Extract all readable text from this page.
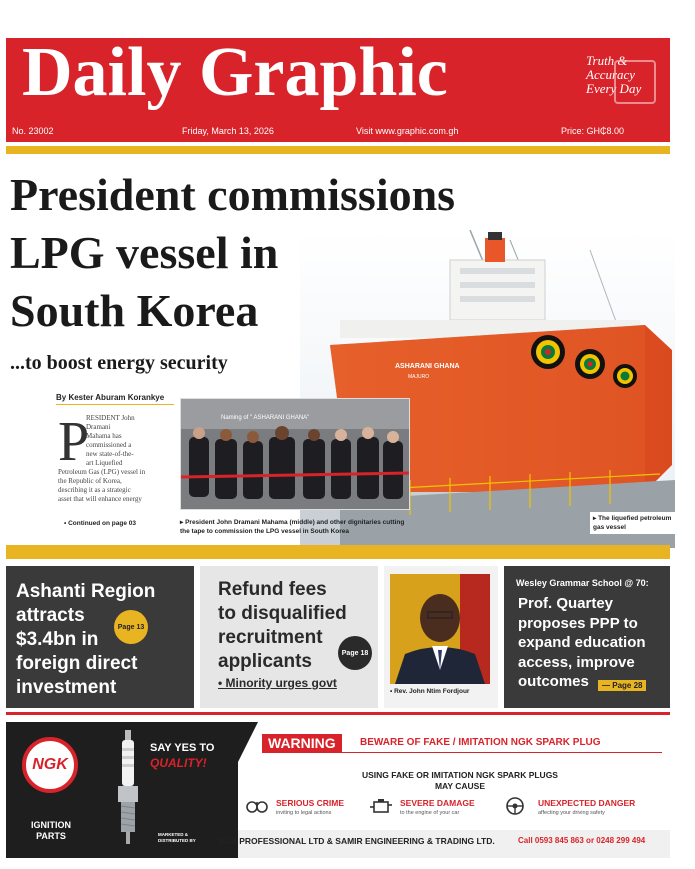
Daily Graphic	Truth &
Accuracy
Every Day
No. 23002	Friday, March 13, 2026	Visit www.graphic.com.gh	Price: GH₵8.00
ASHARANI GHANA
MAJURO
▸ The liquefied petroleum gas vessel
President commissions
LPG vessel in
South Korea
...to boost energy security
By Kester Aburam Korankye
P
RESIDENT John
Dramani
Mahama has
commissioned a
new state-of-the-
art Liquefied
Petroleum Gas (LPG) vessel in
the Republic of Korea,
describing it as a strategic
asset that will enhance energy
• Continued on page 03
Naming of " ASHARANI GHANA"
▸ President John Dramani Mahama (middle) and other dignitaries cutting the tape to commission the LPG vessel in South Korea
Ashanti Region
attracts
$3.4bn in
foreign direct
investment
Page 13
Refund fees
to disqualified
recruitment
applicants	Page 18
• Minority urges govt
• Rev. John Ntim Fordjour
Wesley Grammar School @ 70:
Prof. Quartey
proposes PPP to
expand education
access, improve
outcomes	— Page 28
NGK
IGNITION
PARTS
SAY YES TO
QUALITY!
WARNING	BEWARE OF FAKE / IMITATION NGK SPARK PLUG
USING FAKE OR IMITATION NGK SPARK PLUGS
MAY CAUSE
SERIOUS CRIME
inviting to legal actions
SEVERE DAMAGE
to the engine of your car
UNEXPECTED DANGER
affecting your driving safety
MARKETED &
DISTRIBUTED BY	MAX PROFESSIONAL LTD & SAMIR ENGINEERING & TRADING LTD.	Call 0593 845 863 or 0248 299 494
